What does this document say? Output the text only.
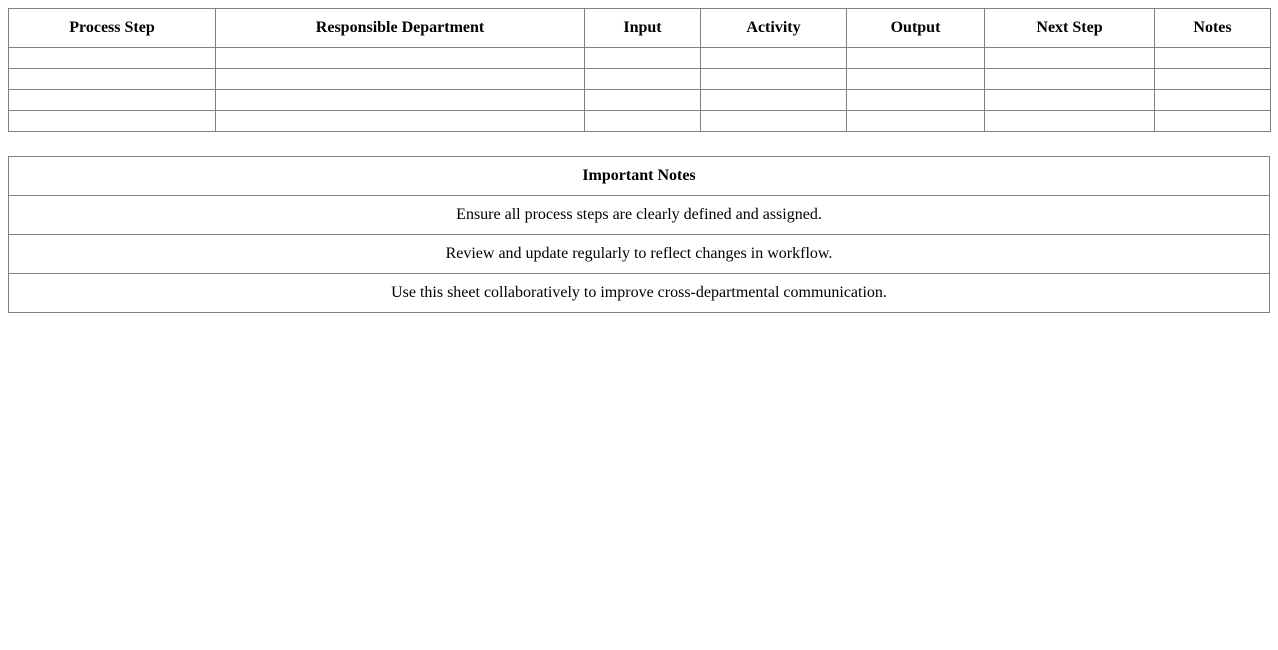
Process Step	Responsible Department	Input	Activity	Output	Next Step	Notes

Important Notes
Ensure all process steps are clearly defined and assigned.
Review and update regularly to reflect changes in workflow.
Use this sheet collaboratively to improve cross-departmental communication.
